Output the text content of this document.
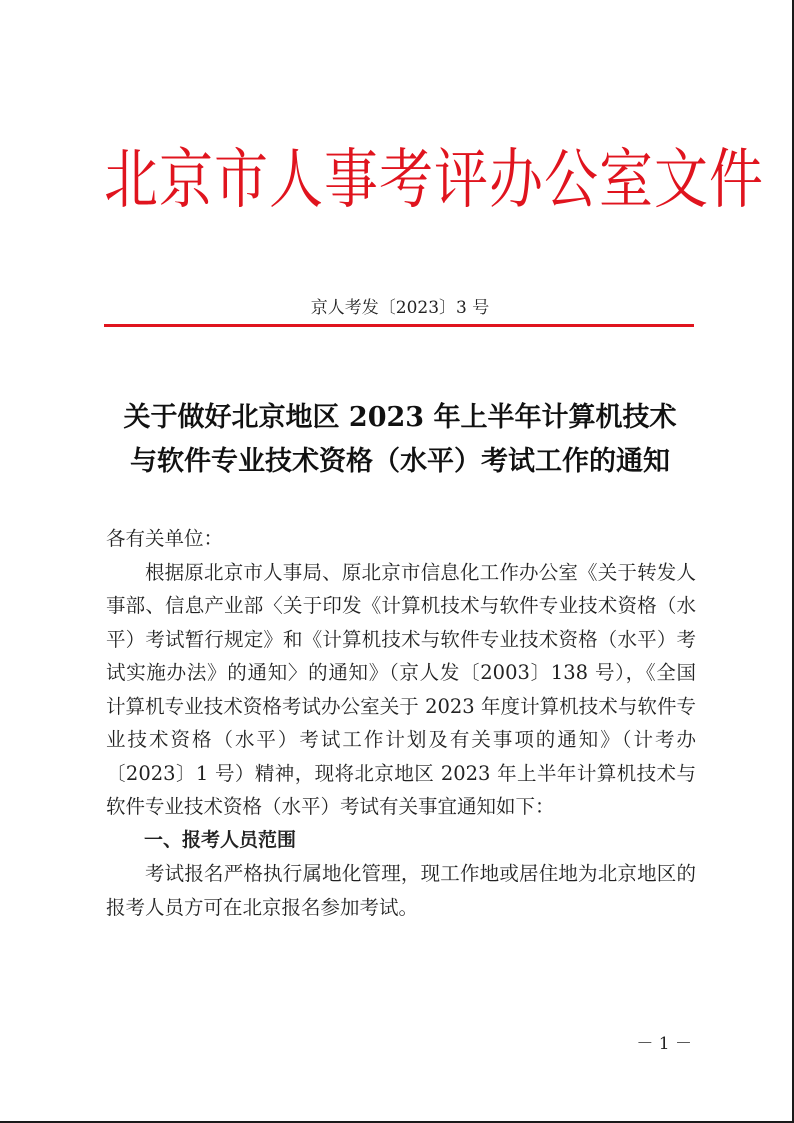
北京市人事考评办公室文件
京人考发〔2023〕3 号
关于做好北京地区 2023 年上半年计算机技术
与软件专业技术资格（水平）考试工作的通知
各有关单位：
根据原北京市人事局、原北京市信息化工作办公室《关于转发人事部、信息产业部〈关于印发《计算机技术与软件专业技术资格（水平）考试暂行规定》和《计算机技术与软件专业技术资格（水平）考试实施办法》的通知〉的通知》（京人发〔2003〕138 号），《全国计算机专业技术资格考试办公室关于 2023 年度计算机技术与软件专业技术资格（水平）考试工作计划及有关事项的通知》（计考办〔2023〕1 号）精神，现将北京地区 2023 年上半年计算机技术与软件专业技术资格（水平）考试有关事宜通知如下：
一、报考人员范围
考试报名严格执行属地化管理，现工作地或居住地为北京地区的报考人员方可在北京报名参加考试。
－ 1 －
